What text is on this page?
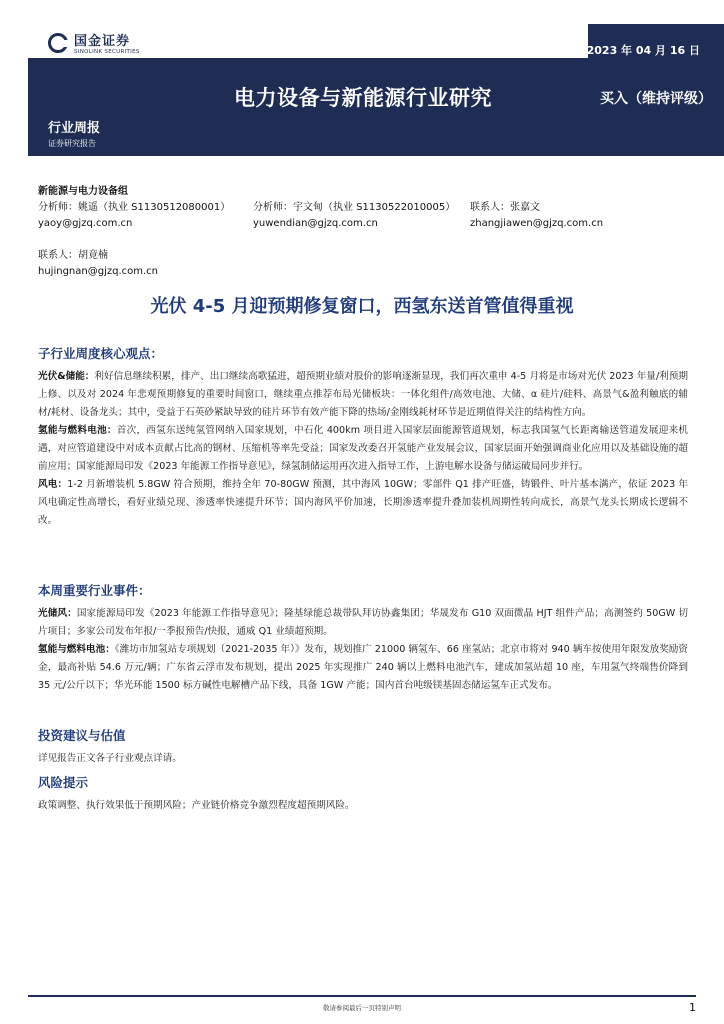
国金证券
SINOLINK SECURITIES	2023 年 04 月 16 日
电力设备与新能源行业研究	买入（维持评级）
行业周报
证券研究报告
新能源与电力设备组
分析师：姚遥（执业 S1130512080001）	分析师：宇文甸（执业 S1130522010005）	联系人：张嘉文
yaoy@gjzq.com.cn	yuwendian@gjzq.com.cn	zhangjiawen@gjzq.com.cn
联系人：胡竟楠
hujingnan@gjzq.com.cn
光伏 4-5 月迎预期修复窗口，西氢东送首管值得重视
子行业周度核心观点：

光伏&储能：利好信息继续积累，排产、出口继续高歌猛进，超预期业绩对股价的影响逐渐显现，我们再次重申 4-5 月将是市场对光伏 2023 年量/利预期上修、以及对 2024 年悲观预期修复的重要时间窗口，继续重点推荐布局光储板块：一体化组件/高效电池、大储、α 硅片/硅料、高景气&盈利触底的辅材/耗材、设备龙头；其中，受益于石英砂紧缺导致的硅片环节有效产能下降的热场/金刚线耗材环节是近期值得关注的结构性方向。

氢能与燃料电池：首次，西氢东送纯氢管网纳入国家规划，中石化 400km 项目进入国家层面能源管道规划，标志我国氢气长距离输送管道发展迎来机遇，对应管道建设中对成本贡献占比高的钢材、压缩机等率先受益；国家发改委召开氢能产业发展会议，国家层面开始强调商业化应用以及基础设施的超前应用；国家能源局印发《2023 年能源工作指导意见》，绿氢制储运用再次进入指导工作，上游电解水设备与储运破局同步并行。

风电：1-2 月新增装机 5.8GW 符合预期，维持全年 70-80GW 预测，其中海风 10GW；零部件 Q1 排产旺盛，铸锻件、叶片基本满产，依证 2023 年风电确定性高增长，看好业绩兑现、渗透率快速提升环节；国内海风平价加速，长期渗透率提升叠加装机周期性转向成长，高景气龙头长期成长逻辑不改。

本周重要行业事件：

光储风：国家能源局印发《2023 年能源工作指导意见》；隆基绿能总裁带队拜访协鑫集团；华晟发布 G10 双面微晶 HJT 组件产品；高测签约 50GW 切片项目；多家公司发布年报/一季报预告/快报，通威 Q1 业绩超预期。

氢能与燃料电池：《潍坊市加氢站专项规划（2021-2035 年）》发布，规划推广 21000 辆氢车、66 座氢站；北京市将对 940 辆车按使用年限发放奖励资金，最高补贴 54.6 万元/辆；广东省云浮市发布规划，提出 2025 年实现推广 240 辆以上燃料电池汽车，建成加氢站超 10 座，车用氢气终端售价降到 35 元/公斤以下；华光环能 1500 标方碱性电解槽产品下线，具备 1GW 产能；国内首台吨级镁基固态储运氢车正式发布。

投资建议与估值

详见报告正文各子行业观点详请。

风险提示

政策调整、执行效果低于预期风险；产业链价格竞争激烈程度超预期风险。

敬请参阅最后一页特别声明	1
